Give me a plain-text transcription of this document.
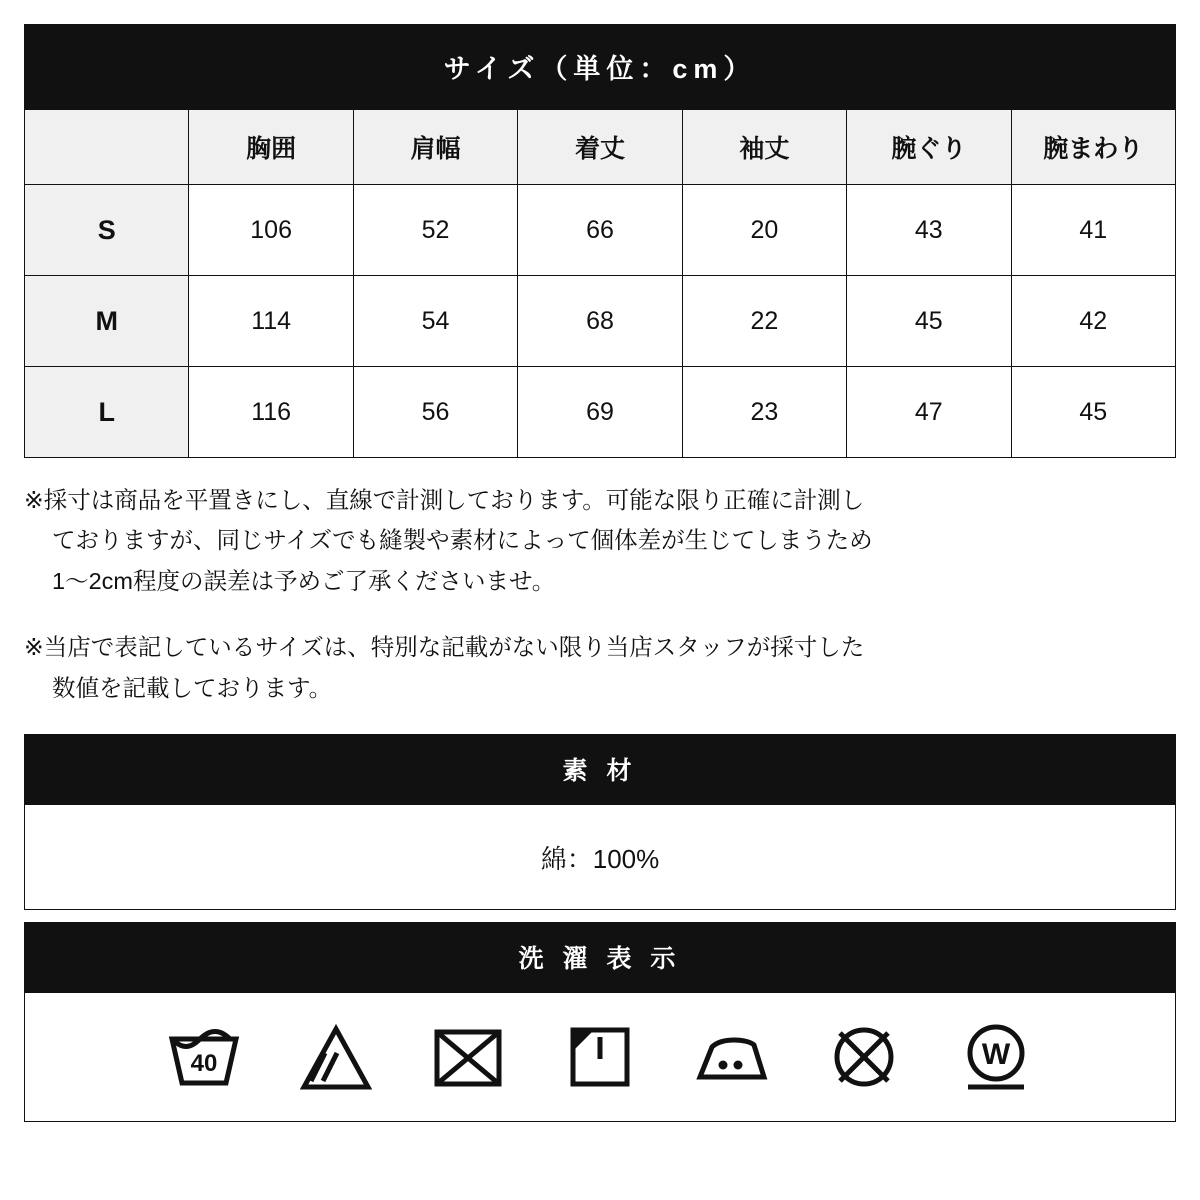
サイズ（単位：cm）						
	胸囲	肩幅	着丈	袖丈	腕ぐり	腕まわり
S	106	52	66	20	43	41
M	114	54	68	22	45	42
L	116	56	69	23	47	45
※採寸は商品を平置きにし、直線で計測しております。可能な限り正確に計測し
ておりますが、同じサイズでも縫製や素材によって個体差が生じてしまうため
1〜2cm程度の誤差は予めご了承くださいませ。
※当店で表記しているサイズは、特別な記載がない限り当店スタッフが採寸した
数値を記載しております。
素 材
綿：100%
洗 濯 表 示
40	W
